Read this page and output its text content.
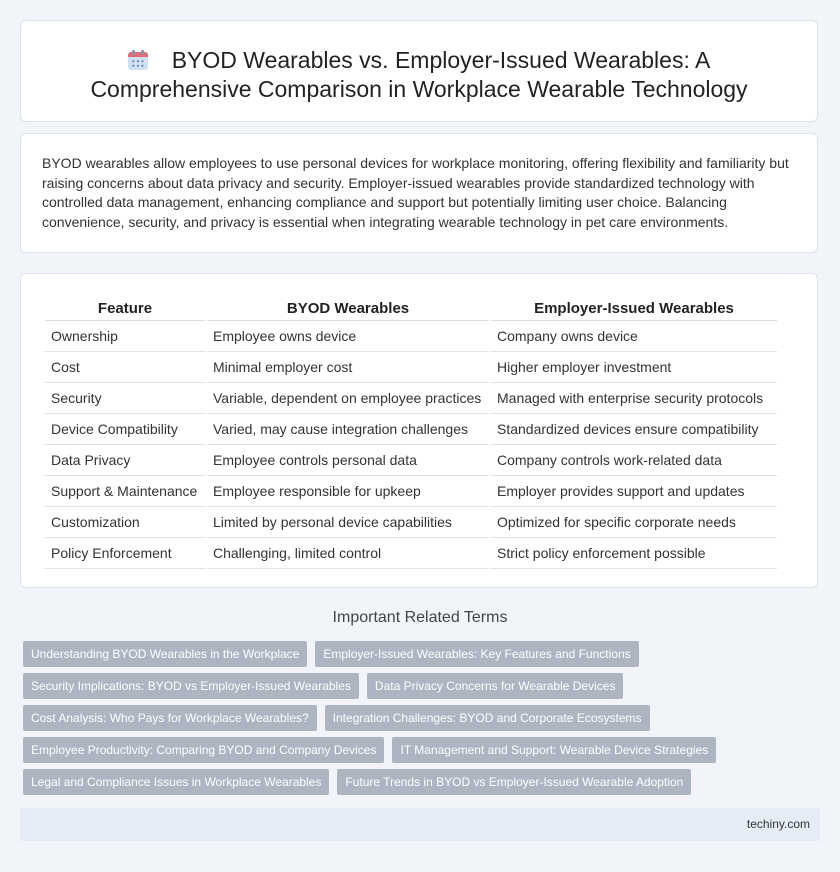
BYOD Wearables vs. Employer-Issued Wearables: A Comprehensive Comparison in Workplace Wearable Technology

BYOD wearables allow employees to use personal devices for workplace monitoring, offering flexibility and familiarity but raising concerns about data privacy and security. Employer-issued wearables provide standardized technology with controlled data management, enhancing compliance and support but potentially limiting user choice. Balancing convenience, security, and privacy is essential when integrating wearable technology in pet care environments.

Feature	BYOD Wearables	Employer-Issued Wearables
Ownership	Employee owns device	Company owns device
Cost	Minimal employer cost	Higher employer investment
Security	Variable, dependent on employee practices	Managed with enterprise security protocols
Device Compatibility	Varied, may cause integration challenges	Standardized devices ensure compatibility
Data Privacy	Employee controls personal data	Company controls work-related data
Support & Maintenance	Employee responsible for upkeep	Employer provides support and updates
Customization	Limited by personal device capabilities	Optimized for specific corporate needs
Policy Enforcement	Challenging, limited control	Strict policy enforcement possible
Important Related Terms
Understanding BYOD Wearables in the Workplace	Employer-Issued Wearables: Key Features and Functions
Security Implications: BYOD vs Employer-Issued Wearables	Data Privacy Concerns for Wearable Devices
Cost Analysis: Who Pays for Workplace Wearables?	Integration Challenges: BYOD and Corporate Ecosystems
Employee Productivity: Comparing BYOD and Company Devices	IT Management and Support: Wearable Device Strategies
Legal and Compliance Issues in Workplace Wearables	Future Trends in BYOD vs Employer-Issued Wearable Adoption
techiny.com
